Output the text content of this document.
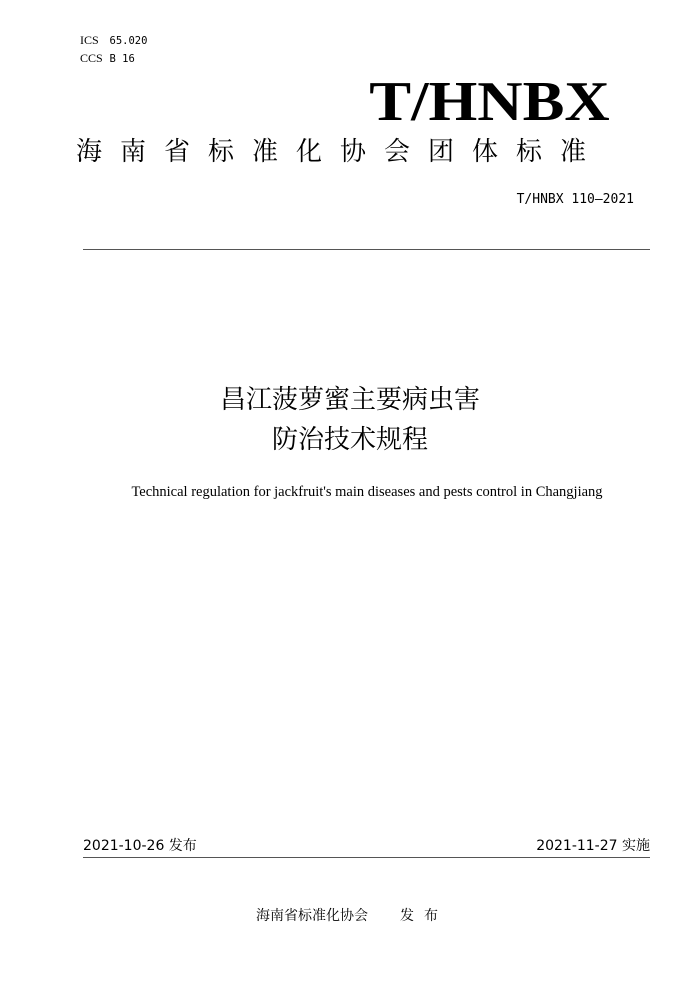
ICS 65.020
CCS B 16
T/HNBX
海南省标准化协会团体标准
T/HNBX 110—2021
昌江菠萝蜜主要病虫害
防治技术规程
Technical regulation for jackfruit's main diseases and pests control in Changjiang
2021-10-26 发布	2021-11-27 实施
海南省标准化协会 发布
